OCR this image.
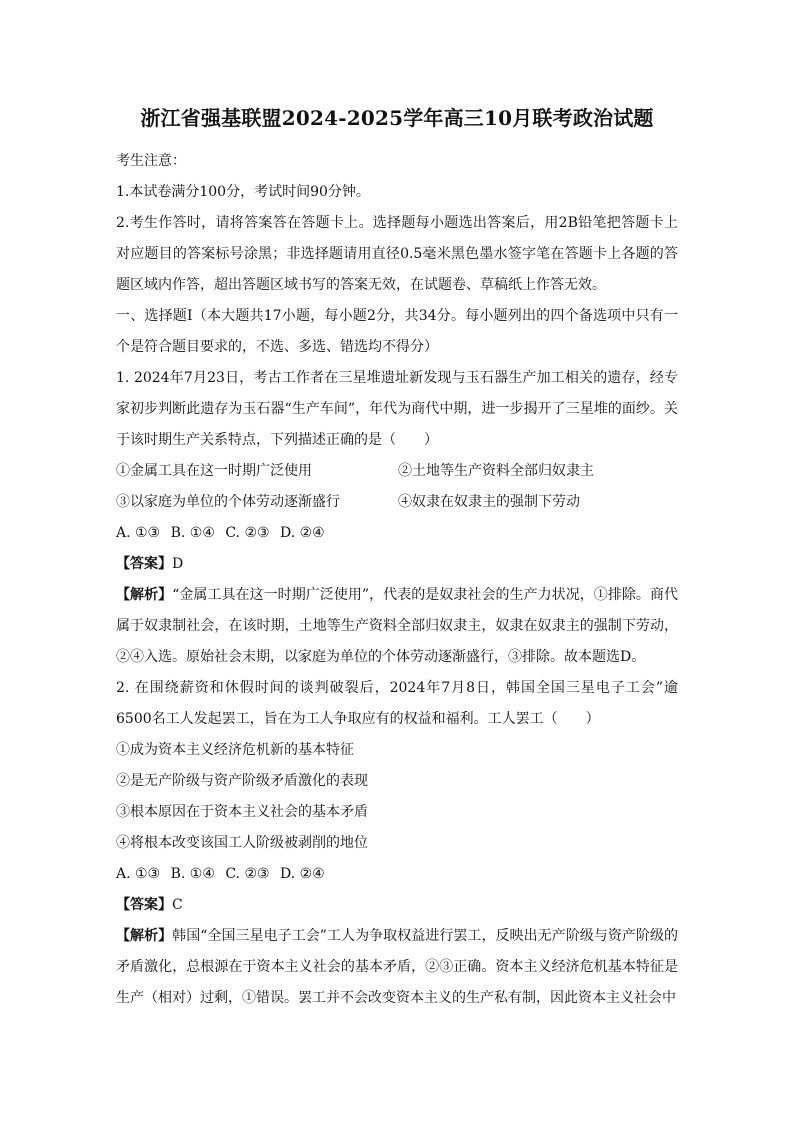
浙江省强基联盟2024-2025学年高三10月联考政治试题

考生注意：

1.本试卷满分100分，考试时间90分钟。

2.考生作答时，请将答案答在答题卡上。选择题每小题选出答案后，用2B铅笔把答题卡上对应题目的答案标号涂黑；非选择题请用直径0.5毫米黑色墨水签字笔在答题卡上各题的答题区域内作答，超出答题区域书写的答案无效，在试题卷、草稿纸上作答无效。

一、选择题Ⅰ（本大题共17小题，每小题2分，共34分。每小题列出的四个备选项中只有一个是符合题目要求的，不选、多选、错选均不得分）

1. 2024年7月23日，考古工作者在三星堆遗址新发现与玉石器生产加工相关的遗存，经专家初步判断此遗存为玉石器“生产车间”，年代为商代中期，进一步揭开了三星堆的面纱。关于该时期生产关系特点，下列描述正确的是（　　）

①金属工具在这一时期广泛使用	②土地等生产资料全部归奴隶主
③以家庭为单位的个体劳动逐渐盛行	④奴隶在奴隶主的强制下劳动

A. ①③ B. ①④ C. ②③ D. ②④

【答案】D

【解析】“金属工具在这一时期广泛使用”，代表的是奴隶社会的生产力状况，①排除。商代属于奴隶制社会，在该时期，土地等生产资料全部归奴隶主，奴隶在奴隶主的强制下劳动，②④入选。原始社会末期，以家庭为单位的个体劳动逐渐盛行，③排除。故本题选D。

2. 在围绕薪资和休假时间的谈判破裂后，2024年7月8日，韩国全国三星电子工会”逾6500名工人发起罢工，旨在为工人争取应有的权益和福利。工人罢工（　　）

①成为资本主义经济危机新的基本特征

②是无产阶级与资产阶级矛盾激化的表现

③根本原因在于资本主义社会的基本矛盾

④将根本改变该国工人阶级被剥削的地位

A. ①③ B. ①④ C. ②③ D. ②④

【答案】C

【解析】韩国“全国三星电子工会”工人为争取权益进行罢工，反映出无产阶级与资产阶级的矛盾激化，总根源在于资本主义社会的基本矛盾，②③正确。资本主义经济危机基本特征是生产（相对）过剩，①错误。罢工并不会改变资本主义的生产私有制，因此资本主义社会中
